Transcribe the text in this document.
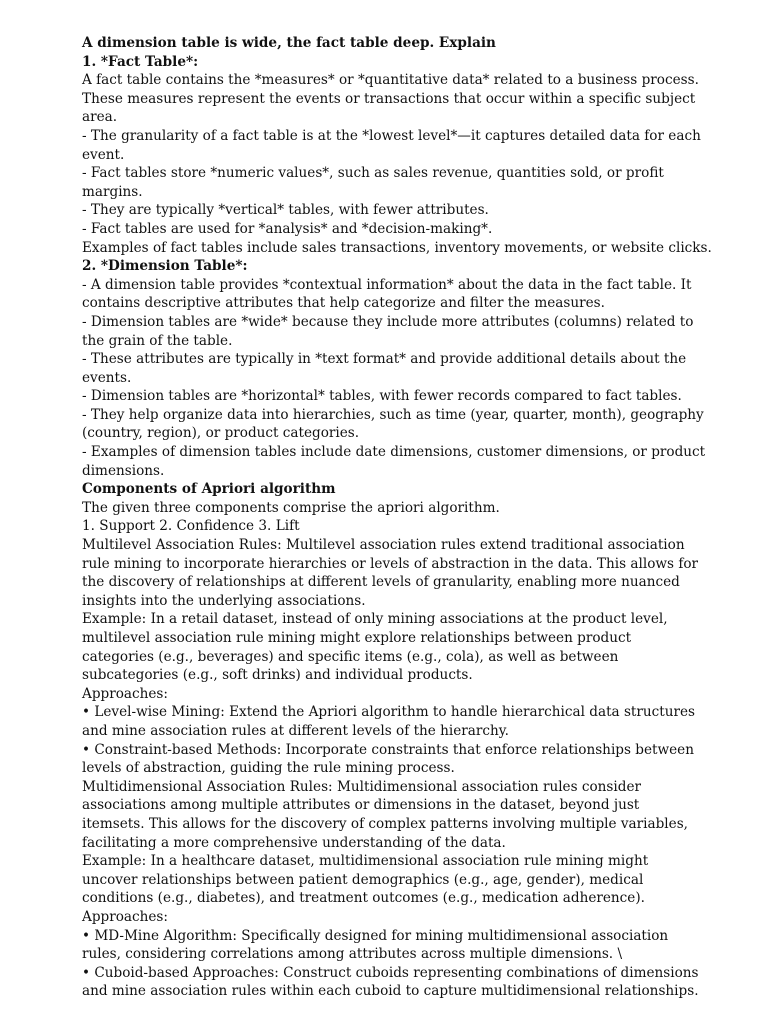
A dimension table is wide, the fact table deep. Explain
1. *Fact Table*:
A fact table contains the *measures* or *quantitative data* related to a business process.
These measures represent the events or transactions that occur within a specific subject
area.
- The granularity of a fact table is at the *lowest level*—it captures detailed data for each
event.
- Fact tables store *numeric values*, such as sales revenue, quantities sold, or profit
margins.
- They are typically *vertical* tables, with fewer attributes.
- Fact tables are used for *analysis* and *decision-making*.
Examples of fact tables include sales transactions, inventory movements, or website clicks.
2. *Dimension Table*:
- A dimension table provides *contextual information* about the data in the fact table. It
contains descriptive attributes that help categorize and filter the measures.
- Dimension tables are *wide* because they include more attributes (columns) related to
the grain of the table.
- These attributes are typically in *text format* and provide additional details about the
events.
- Dimension tables are *horizontal* tables, with fewer records compared to fact tables.
- They help organize data into hierarchies, such as time (year, quarter, month), geography
(country, region), or product categories.
- Examples of dimension tables include date dimensions, customer dimensions, or product
dimensions.
Components of Apriori algorithm
The given three components comprise the apriori algorithm.
1. Support 2. Confidence 3. Lift
Multilevel Association Rules: Multilevel association rules extend traditional association
rule mining to incorporate hierarchies or levels of abstraction in the data. This allows for
the discovery of relationships at different levels of granularity, enabling more nuanced
insights into the underlying associations.
Example: In a retail dataset, instead of only mining associations at the product level,
multilevel association rule mining might explore relationships between product
categories (e.g., beverages) and specific items (e.g., cola), as well as between
subcategories (e.g., soft drinks) and individual products.
Approaches:
• Level-wise Mining: Extend the Apriori algorithm to handle hierarchical data structures
and mine association rules at different levels of the hierarchy.
• Constraint-based Methods: Incorporate constraints that enforce relationships between
levels of abstraction, guiding the rule mining process.
Multidimensional Association Rules: Multidimensional association rules consider
associations among multiple attributes or dimensions in the dataset, beyond just
itemsets. This allows for the discovery of complex patterns involving multiple variables,
facilitating a more comprehensive understanding of the data.
Example: In a healthcare dataset, multidimensional association rule mining might
uncover relationships between patient demographics (e.g., age, gender), medical
conditions (e.g., diabetes), and treatment outcomes (e.g., medication adherence).
Approaches:
• MD-Mine Algorithm: Specifically designed for mining multidimensional association
rules, considering correlations among attributes across multiple dimensions. \
• Cuboid-based Approaches: Construct cuboids representing combinations of dimensions
and mine association rules within each cuboid to capture multidimensional relationships.
